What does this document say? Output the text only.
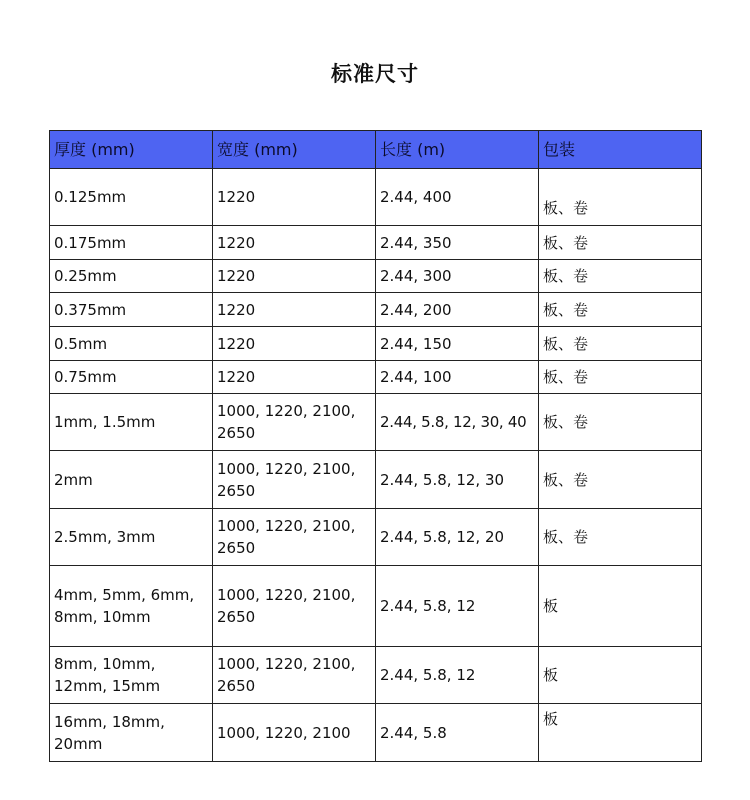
标准尺寸
厚度 (mm)	宽度 (mm)	长度 (m)	包装
0.125mm	1220	2.44, 400	板、卷
0.175mm	1220	2.44, 350	板、卷
0.25mm	1220	2.44, 300	板、卷
0.375mm	1220	2.44, 200	板、卷
0.5mm	1220	2.44, 150	板、卷
0.75mm	1220	2.44, 100	板、卷
1mm, 1.5mm	1000, 1220, 2100, 2650	2.44, 5.8, 12, 30, 40	板、卷
2mm	1000, 1220, 2100, 2650	2.44, 5.8, 12, 30	板、卷
2.5mm, 3mm	1000, 1220, 2100, 2650	2.44, 5.8, 12, 20	板、卷
4mm, 5mm, 6mm, 8mm, 10mm	1000, 1220, 2100, 2650	2.44, 5.8, 12	板
8mm, 10mm, 12mm, 15mm	1000, 1220, 2100, 2650	2.44, 5.8, 12	板
16mm, 18mm, 20mm	1000, 1220, 2100	2.44, 5.8	板
